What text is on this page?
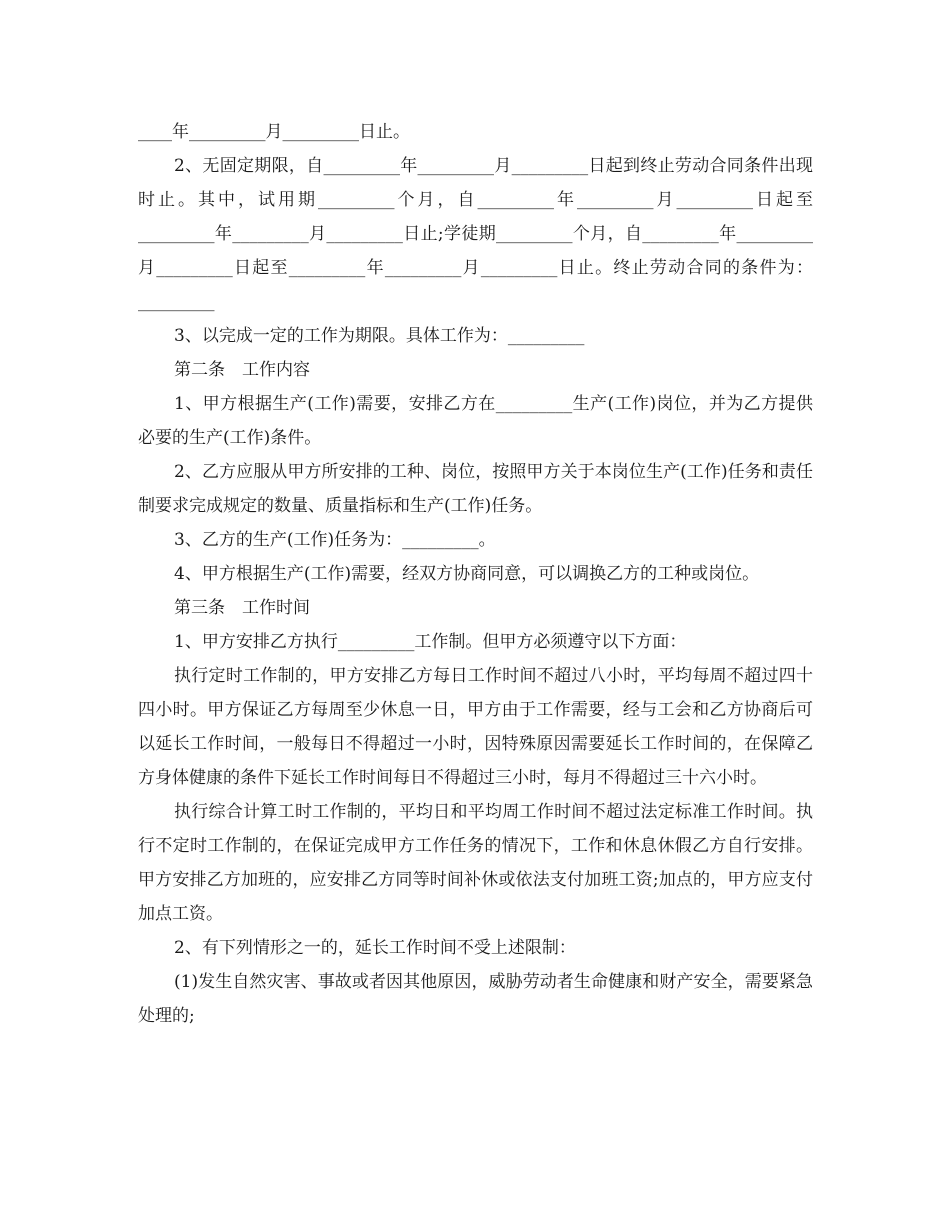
____年_________月_________日止。

2、无固定期限，自_________年_________月_________日起到终止劳动合同条件出现时止。其中，试用期_________个月，自_________年_________月_________日起至_________年_________月_________日止;学徒期_________个月，自_________年_________月_________日起至_________年_________月_________日止。终止劳动合同的条件为：_________

3、以完成一定的工作为期限。具体工作为：_________

第二条　工作内容

1、甲方根据生产(工作)需要，安排乙方在_________生产(工作)岗位，并为乙方提供必要的生产(工作)条件。

2、乙方应服从甲方所安排的工种、岗位，按照甲方关于本岗位生产(工作)任务和责任制要求完成规定的数量、质量指标和生产(工作)任务。

3、乙方的生产(工作)任务为：_________。

4、甲方根据生产(工作)需要，经双方协商同意，可以调换乙方的工种或岗位。

第三条　工作时间

1、甲方安排乙方执行_________工作制。但甲方必须遵守以下方面：

执行定时工作制的，甲方安排乙方每日工作时间不超过八小时，平均每周不超过四十四小时。甲方保证乙方每周至少休息一日，甲方由于工作需要，经与工会和乙方协商后可以延长工作时间，一般每日不得超过一小时，因特殊原因需要延长工作时间的，在保障乙方身体健康的条件下延长工作时间每日不得超过三小时，每月不得超过三十六小时。

执行综合计算工时工作制的，平均日和平均周工作时间不超过法定标准工作时间。执行不定时工作制的，在保证完成甲方工作任务的情况下，工作和休息休假乙方自行安排。甲方安排乙方加班的，应安排乙方同等时间补休或依法支付加班工资;加点的，甲方应支付加点工资。

2、有下列情形之一的，延长工作时间不受上述限制：

(1)发生自然灾害、事故或者因其他原因，威胁劳动者生命健康和财产安全，需要紧急处理的;
